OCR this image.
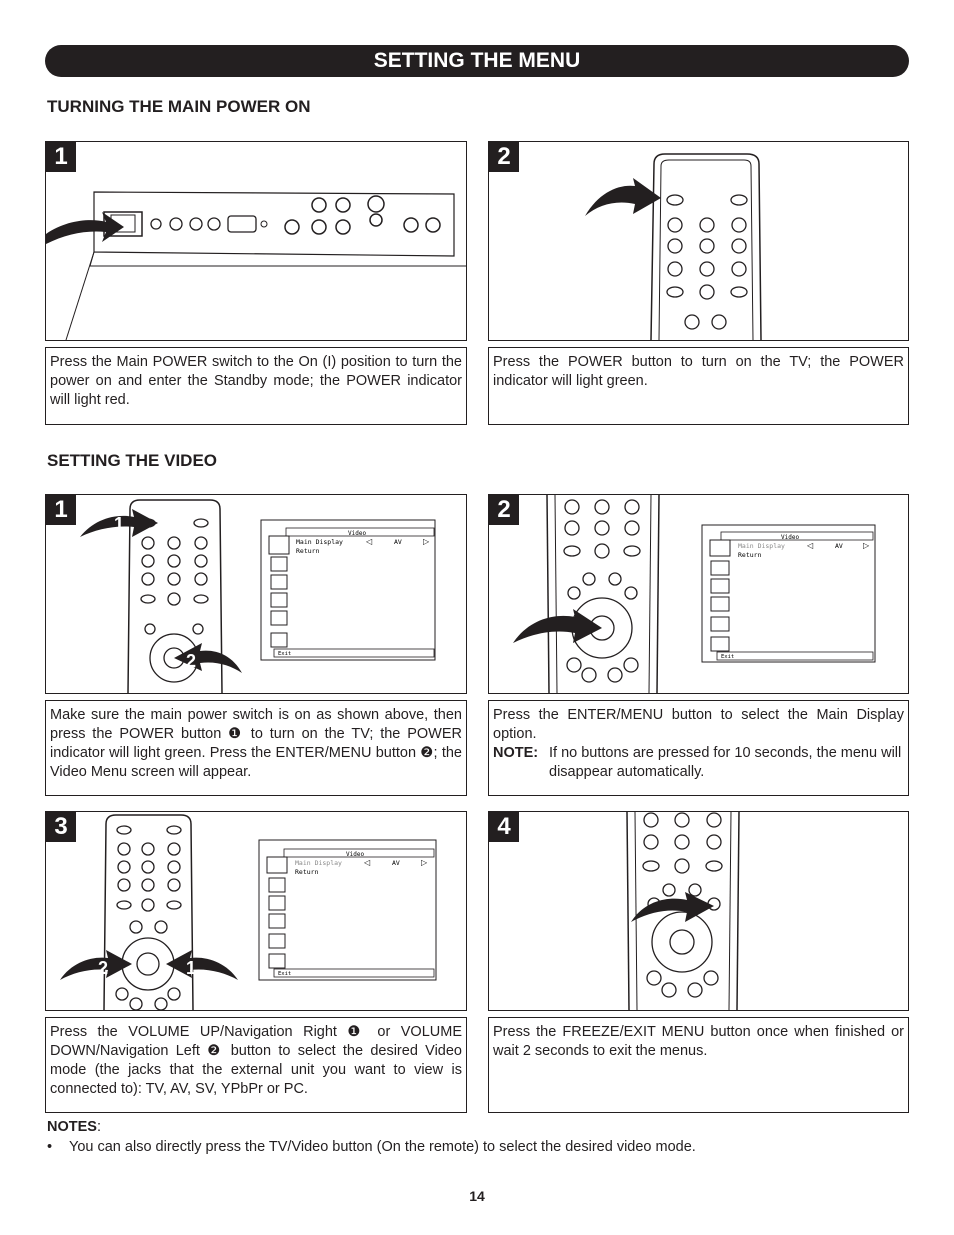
SETTING THE MENU
TURNING THE MAIN POWER ON
1
Press the Main POWER switch to the On (I) position to turn the power on and enter the Standby mode; the POWER indicator will light red.
2
Press the POWER button to turn on the TV; the POWER indicator will light green.
SETTING THE VIDEO
1
1
2
Video
Main Display	◁	AV	▷
Return
Exit
Make sure the main power switch is on as shown above, then press the POWER button ❶ to turn on the TV; the POWER indicator will light green. Press the ENTER/MENU button ❷; the Video Menu screen will appear.
2
Video
Main Display	◁	AV	▷
Return
Exit
Press the ENTER/MENU button to select the Main Display option.
NOTE: If no buttons are pressed for 10 seconds, the menu will disappear automatically.
3
2	1
Video
Main Display	◁	AV	▷
Return
Exit
Press the VOLUME UP/Navigation Right ❶ or VOLUME DOWN/Navigation Left ❷ button to select the desired Video mode (the jacks that the external unit you want to view is connected to): TV, AV, SV, YPbPr or PC.
4
Press the FREEZE/EXIT MENU button once when finished or wait 2 seconds to exit the menus.
NOTES:
•	You can also directly press the TV/Video button (On the remote) to select the desired video mode.
14
